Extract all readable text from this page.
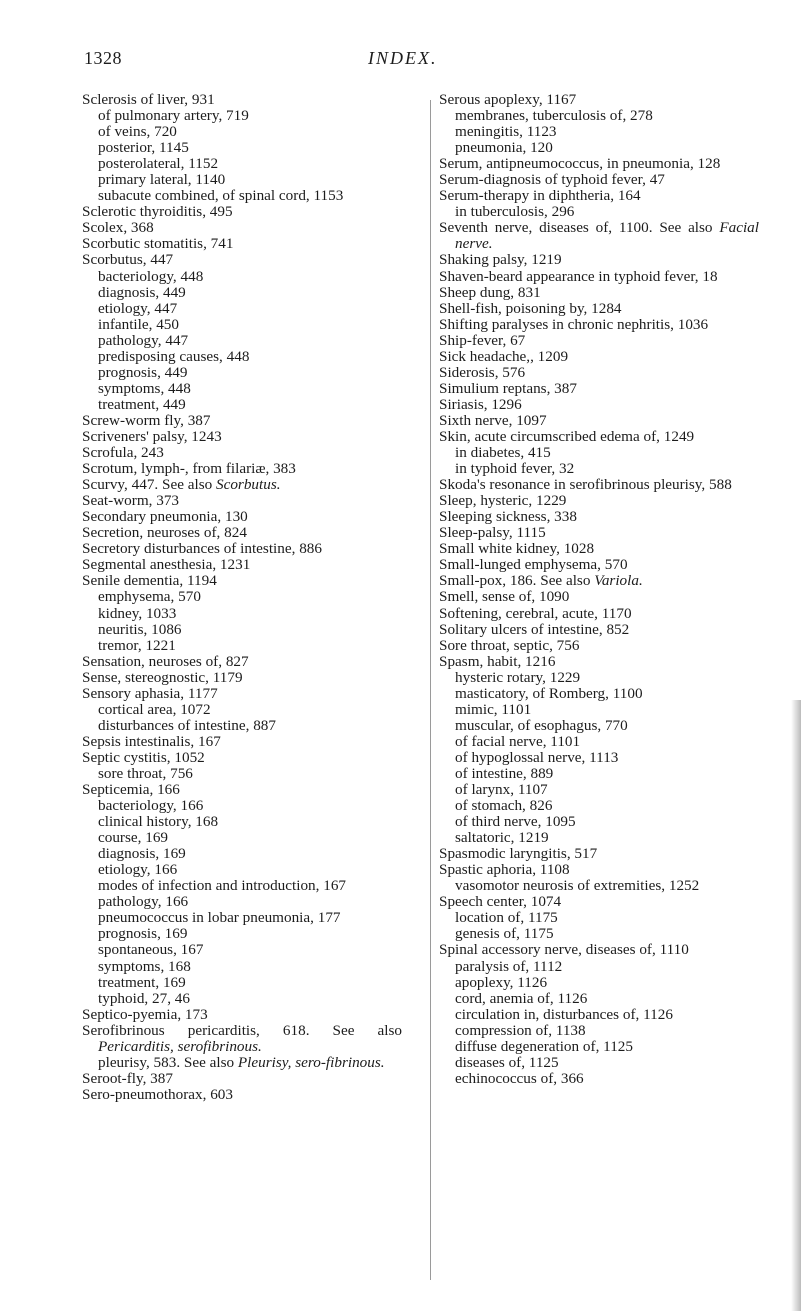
1328	INDEX.

Sclerosis of liver, 931

of pulmonary artery, 719

of veins, 720

posterior, 1145

posterolateral, 1152

primary lateral, 1140

subacute combined, of spinal cord, 1153

Sclerotic thyroiditis, 495

Scolex, 368

Scorbutic stomatitis, 741

Scorbutus, 447

bacteriology, 448

diagnosis, 449

etiology, 447

infantile, 450

pathology, 447

predisposing causes, 448

prognosis, 449

symptoms, 448

treatment, 449

Screw-worm fly, 387

Scriveners' palsy, 1243

Scrofula, 243

Scrotum, lymph-, from filariæ, 383

Scurvy, 447. See also Scorbutus.

Seat-worm, 373

Secondary pneumonia, 130

Secretion, neuroses of, 824

Secretory disturbances of intestine, 886

Segmental anesthesia, 1231

Senile dementia, 1194

emphysema, 570

kidney, 1033

neuritis, 1086

tremor, 1221

Sensation, neuroses of, 827

Sense, stereognostic, 1179

Sensory aphasia, 1177

cortical area, 1072

disturbances of intestine, 887

Sepsis intestinalis, 167

Septic cystitis, 1052

sore throat, 756

Septicemia, 166

bacteriology, 166

clinical history, 168

course, 169

diagnosis, 169

etiology, 166

modes of infection and introduction, 167

pathology, 166

pneumococcus in lobar pneumonia, 177

prognosis, 169

spontaneous, 167

symptoms, 168

treatment, 169

typhoid, 27, 46

Septico-pyemia, 173

Serofibrinous pericarditis, 618. See also Pericarditis, serofibrinous.

pleurisy, 583. See also Pleurisy, sero-fibrinous.

Seroot-fly, 387

Sero-pneumothorax, 603

Serous apoplexy, 1167

membranes, tuberculosis of, 278

meningitis, 1123

pneumonia, 120

Serum, antipneumococcus, in pneumonia, 128

Serum-diagnosis of typhoid fever, 47

Serum-therapy in diphtheria, 164

in tuberculosis, 296

Seventh nerve, diseases of, 1100. See also Facial nerve.

Shaking palsy, 1219

Shaven-beard appearance in typhoid fever, 18

Sheep dung, 831

Shell-fish, poisoning by, 1284

Shifting paralyses in chronic nephritis, 1036

Ship-fever, 67

Sick headache,, 1209

Siderosis, 576

Simulium reptans, 387

Siriasis, 1296

Sixth nerve, 1097

Skin, acute circumscribed edema of, 1249

in diabetes, 415

in typhoid fever, 32

Skoda's resonance in serofibrinous pleurisy, 588

Sleep, hysteric, 1229

Sleeping sickness, 338

Sleep-palsy, 1115

Small white kidney, 1028

Small-lunged emphysema, 570

Small-pox, 186. See also Variola.

Smell, sense of, 1090

Softening, cerebral, acute, 1170

Solitary ulcers of intestine, 852

Sore throat, septic, 756

Spasm, habit, 1216

hysteric rotary, 1229

masticatory, of Romberg, 1100

mimic, 1101

muscular, of esophagus, 770

of facial nerve, 1101

of hypoglossal nerve, 1113

of intestine, 889

of larynx, 1107

of stomach, 826

of third nerve, 1095

saltatoric, 1219

Spasmodic laryngitis, 517

Spastic aphoria, 1108

vasomotor neurosis of extremities, 1252

Speech center, 1074

location of, 1175

genesis of, 1175

Spinal accessory nerve, diseases of, 1110

paralysis of, 1112

apoplexy, 1126

cord, anemia of, 1126

circulation in, disturbances of, 1126

compression of, 1138

diffuse degeneration of, 1125

diseases of, 1125

echinococcus of, 366
